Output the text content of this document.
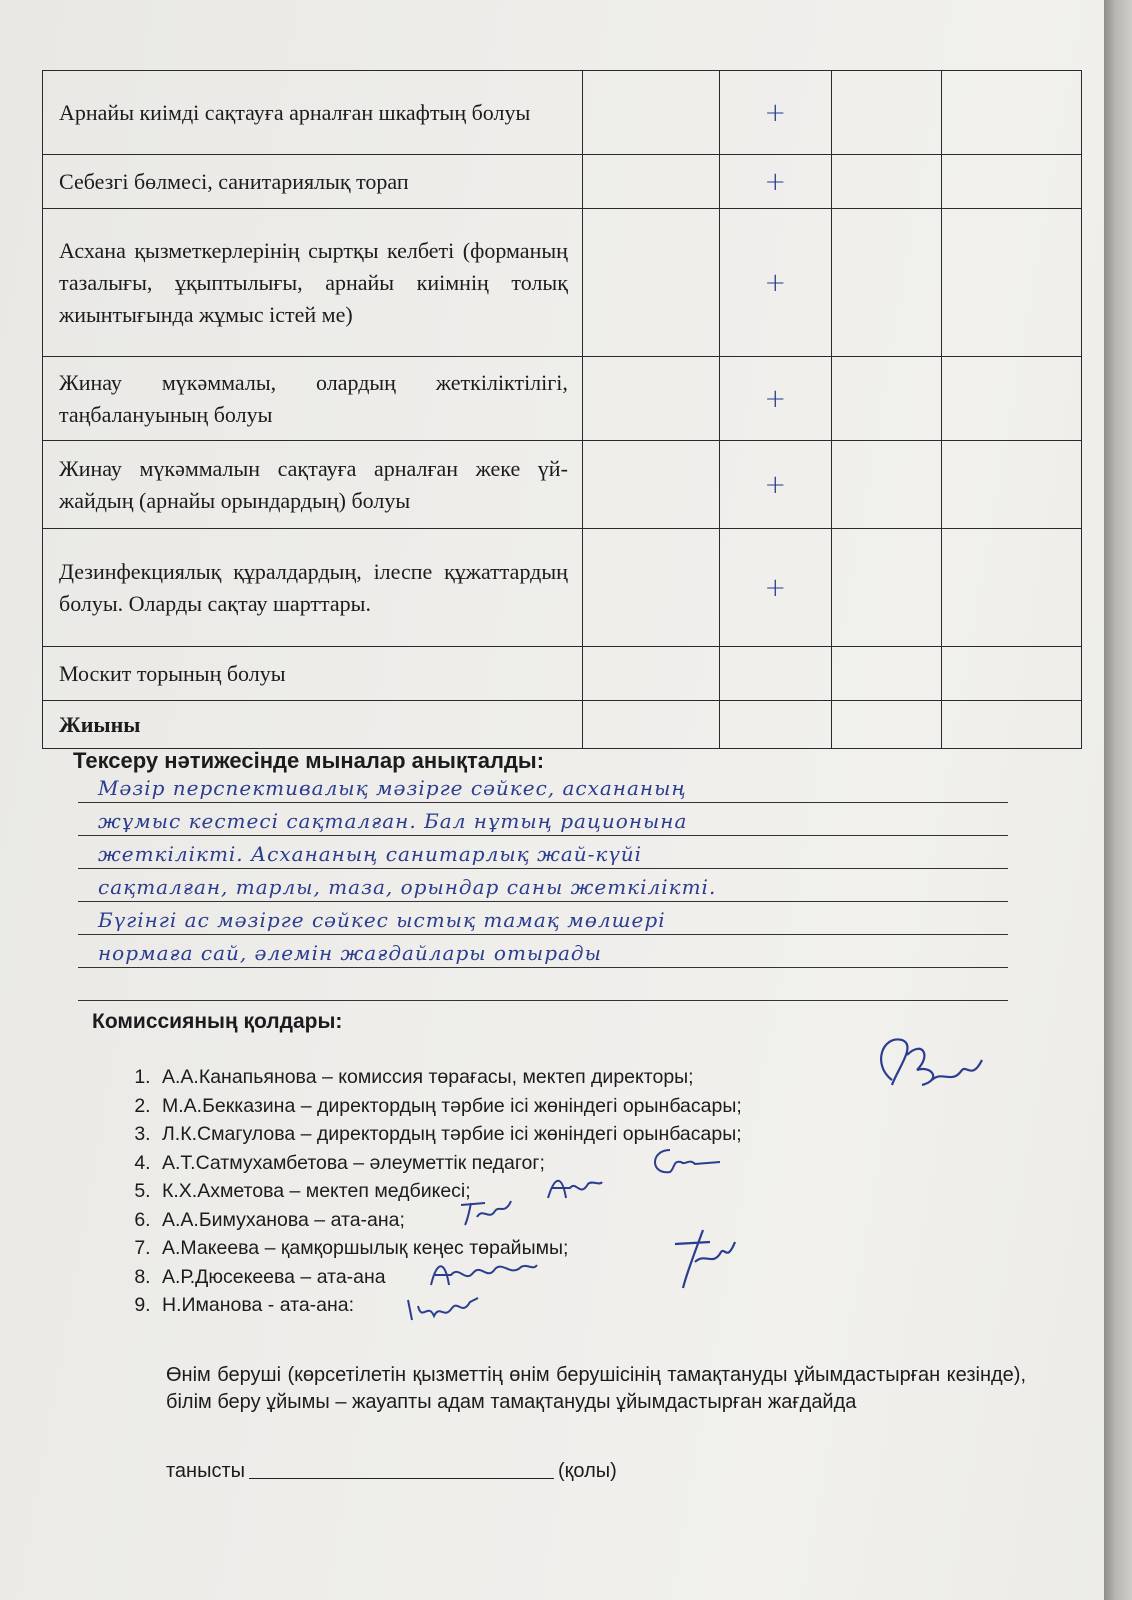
Арнайы киімді сақтауға арналған шкафтың болуы		+		
Себезгі бөлмесі, санитариялық торап		+		
Асхана қызметкерлерінің сыртқы келбеті (форманың тазалығы, ұқыптылығы, арнайы киімнің толық жиынтығында жұмыс істей ме)		+		
Жинау мүкәммалы, олардың жеткіліктілігі, таңбалануының болуы		+		
Жинау мүкәммалын сақтауға арналған жеке үй-жайдың (арнайы орындардың) болуы		+		
Дезинфекциялық құралдардың, ілеспе құжаттардың болуы. Оларды сақтау шарттары.		+		
Москит торының болуы				
Жиыны				
Тексеру нәтижесінде мыналар анықталды:
Мәзір перспективалық мәзірге сәйкес, асхананың
жұмыс кестесі сақталған. Бал нұтың рационына
жеткілікті. Асхананың санитарлық жай-күйі
сақталған, тарлы, таза, орындар саны жеткілікті.
Бүгінгі ас мәзірге сәйкес ыстық тамақ мөлшері
нормаға сай, әлемін жағдайлары отырады
Комиссияның қолдары:
1. А.А.Канапьянова – комиссия төрағасы, мектеп директоры;
2. М.А.Бекказина – директордың тәрбие ісі жөніндегі орынбасары;
3. Л.К.Смагулова – директордың тәрбие ісі жөніндегі орынбасары;
4. А.Т.Сатмухамбетова – әлеуметтік педагог;
5. К.Х.Ахметова – мектеп медбикесі;
6. А.А.Бимуханова – ата-ана;
7. А.Макеева – қамқоршылық кеңес төрайымы;
8. А.Р.Дюсекеева – ата-ана
9. Н.Иманова - ата-ана:
Өнім беруші (көрсетілетін қызметтің өнім берушісінің тамақтануды ұйымдастырған кезінде), білім беру ұйымы – жауапты адам тамақтануды ұйымдастырған жағдайда
танысты	(қолы)
